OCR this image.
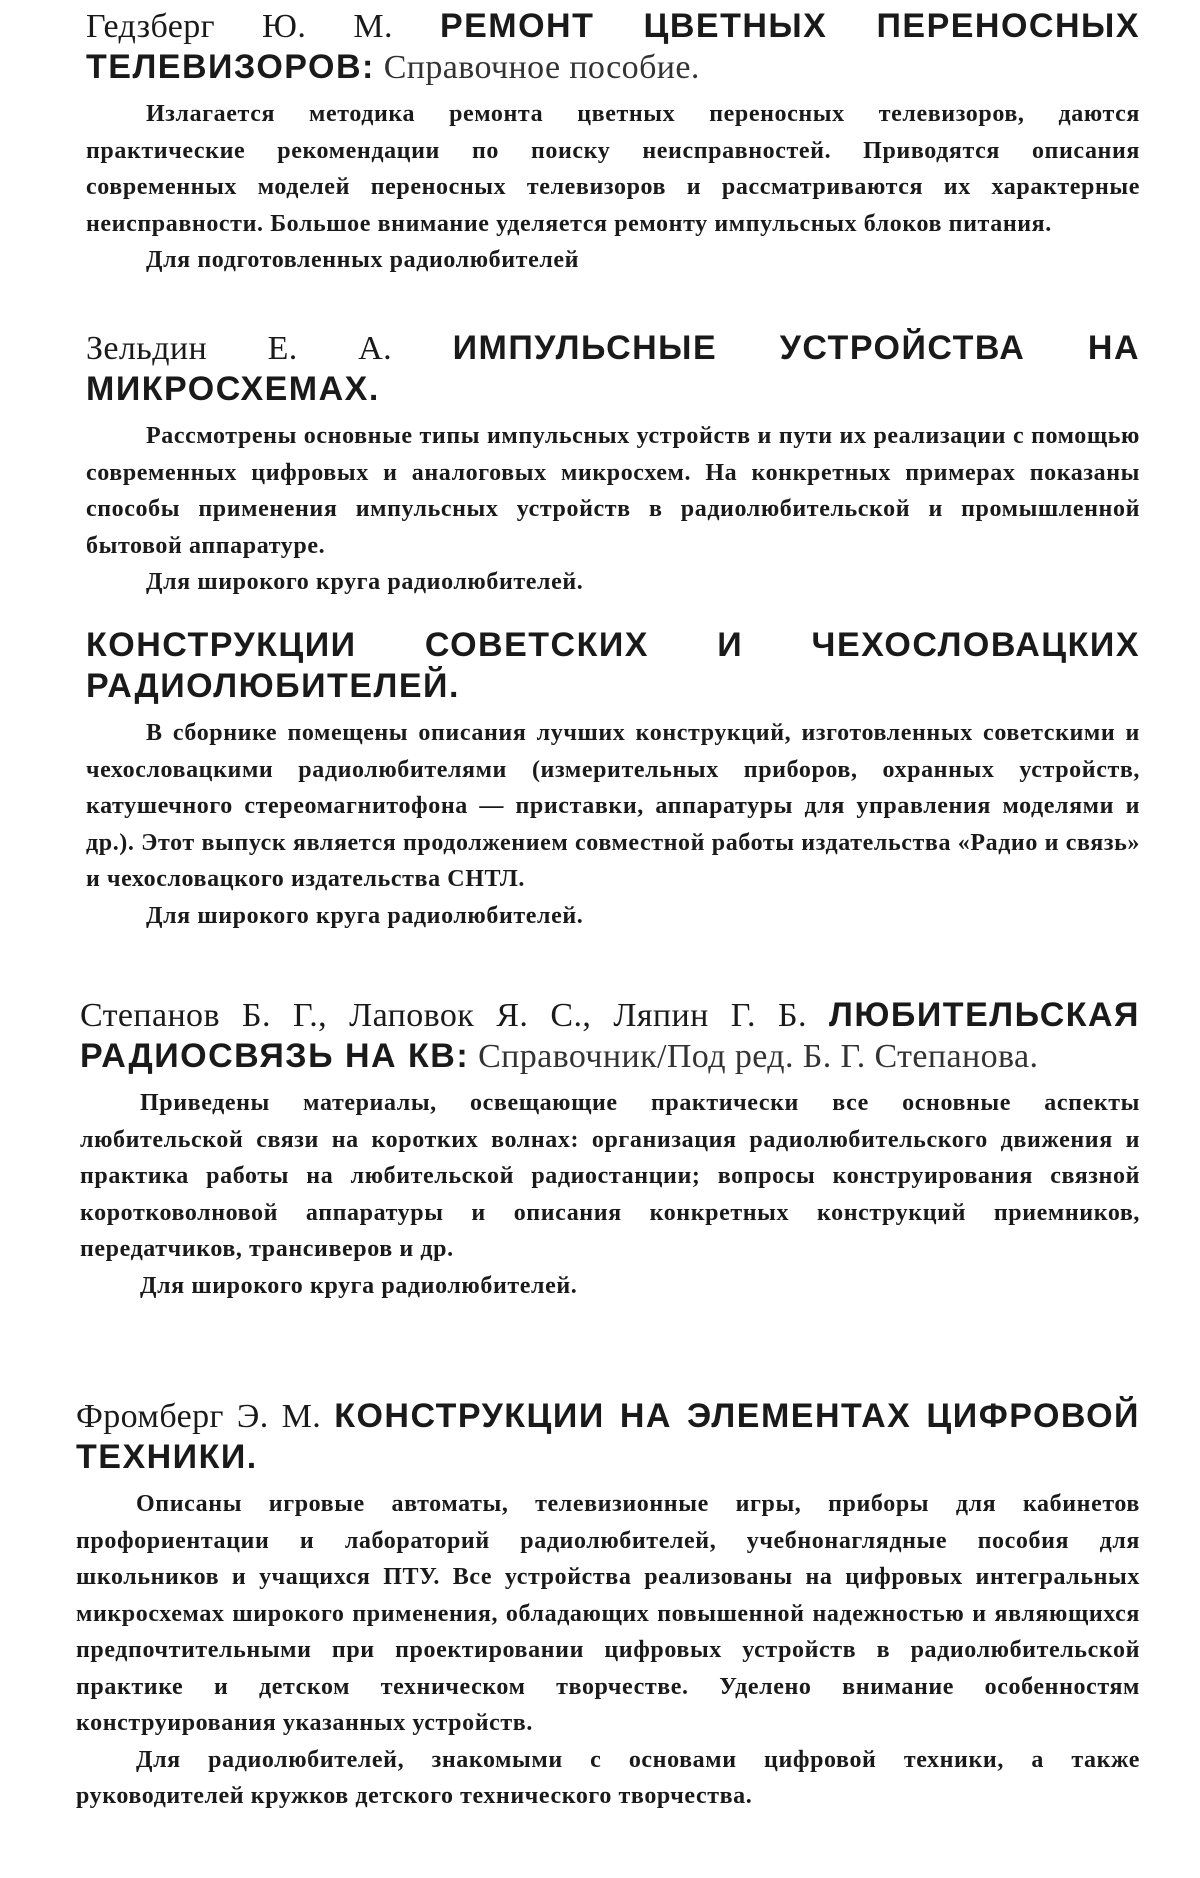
Гедзберг Ю. М. РЕМОНТ ЦВЕТНЫХ ПЕРЕНОСНЫХ ТЕЛЕВИЗОРОВ: Справочное пособие.

Излагается методика ремонта цветных переносных телевизоров, даются практические рекомендации по поиску неисправностей. Приводятся описания современных моделей переносных телевизоров и рассматриваются их характерные неисправности. Большое внимание уделяется ремонту импульсных блоков питания.

Для подготовленных радиолюбителей

Зельдин Е. А. ИМПУЛЬСНЫЕ УСТРОЙСТВА НА МИКРОСХЕМАХ.

Рассмотрены основные типы импульсных устройств и пути их реализации с помощью современных цифровых и аналоговых микросхем. На конкретных примерах показаны способы применения импульсных устройств в радиолюбительской и промышленной бытовой аппаратуре.

Для широкого круга радиолюбителей.

КОНСТРУКЦИИ СОВЕТСКИХ И ЧЕХОСЛОВАЦКИХ РАДИОЛЮБИТЕЛЕЙ.

В сборнике помещены описания лучших конструкций, изготовленных советскими и чехословацкими радиолюбителями (измерительных приборов, охранных устройств, катушечного стереомагнитофона — приставки, аппаратуры для управления моделями и др.). Этот выпуск является продолжением совместной работы издательства «Радио и связь» и чехословацкого издательства СНТЛ.

Для широкого круга радиолюбителей.

Степанов Б. Г., Лаповок Я. С., Ляпин Г. Б. ЛЮБИТЕЛЬСКАЯ РАДИОСВЯЗЬ НА КВ: Справочник/Под ред. Б. Г. Степанова.

Приведены материалы, освещающие практически все основные аспекты любительской связи на коротких волнах: организация радиолюбительского движения и практика работы на любительской радиостанции; вопросы конструирования связной коротковолновой аппаратуры и описания конкретных конструкций приемников, передатчиков, трансиверов и др.

Для широкого круга радиолюбителей.

Фромберг Э. М. КОНСТРУКЦИИ НА ЭЛЕМЕНТАХ ЦИФРОВОЙ ТЕХНИКИ.

Описаны игровые автоматы, телевизионные игры, приборы для кабинетов профориентации и лабораторий радиолюбителей, учебнонаглядные пособия для школьников и учащихся ПТУ. Все устройства реализованы на цифровых интегральных микросхемах широкого применения, обладающих повышенной надежностью и являющихся предпочтительными при проектировании цифровых устройств в радиолюбительской практике и детском техническом творчестве. Уделено внимание особенностям конструирования указанных устройств.

Для радиолюбителей, знакомыми с основами цифровой техники, а также руководителей кружков детского технического творчества.
